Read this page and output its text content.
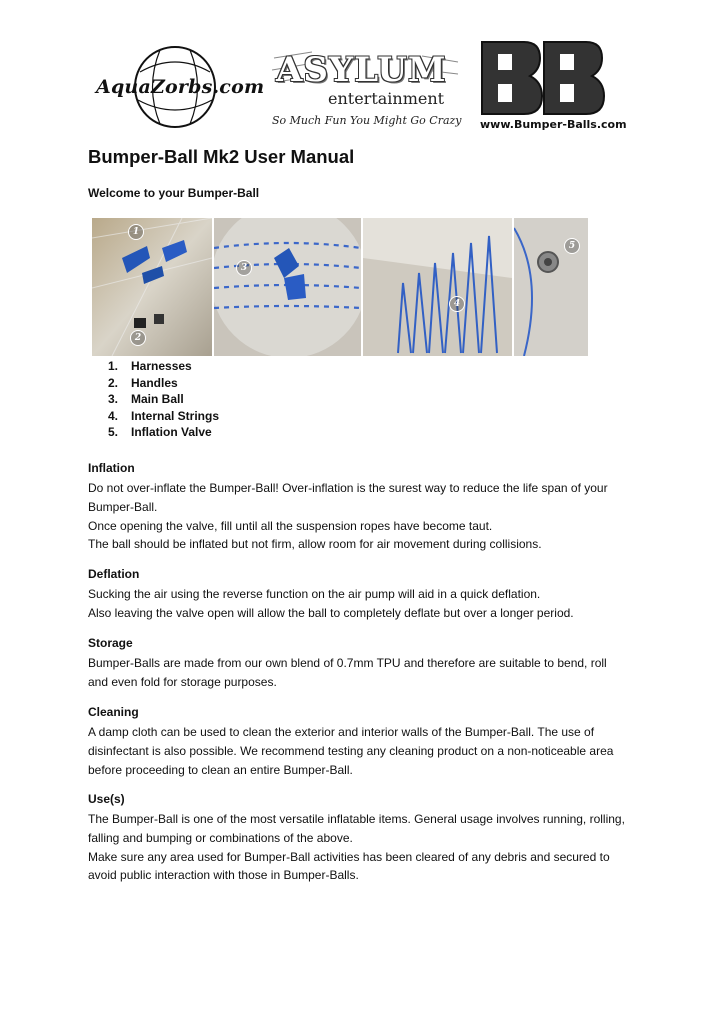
AquaZorbs.com ASYLUM
entertainment
So Much Fun You Might Go Crazy www.Bumper-Balls.com
Bumper-Ball Mk2 User Manual
Welcome to your Bumper-Ball
1
2
3
4
5
1. Harnesses
2. Handles
3. Main Ball
4. Internal Strings
5. Inflation Valve
Inflation

Do not over-inflate the Bumper-Ball! Over-inflation is the surest way to reduce the life span of your

Bumper-Ball.

Once opening the valve, fill until all the suspension ropes have become taut.

The ball should be inflated but not firm, allow room for air movement during collisions.

Deflation

Sucking the air using the reverse function on the air pump will aid in a quick deflation.

Also leaving the valve open will allow the ball to completely deflate but over a longer period.

Storage

Bumper-Balls are made from our own blend of 0.7mm TPU and therefore are suitable to bend, roll

and even fold for storage purposes.

Cleaning

A damp cloth can be used to clean the exterior and interior walls of the Bumper-Ball. The use of

disinfectant is also possible. We recommend testing any cleaning product on a non-noticeable area

before proceeding to clean an entire Bumper-Ball.

Use(s)

The Bumper-Ball is one of the most versatile inflatable items. General usage involves running, rolling,

falling and bumping or combinations of the above.

Make sure any area used for Bumper-Ball activities has been cleared of any debris and secured to

avoid public interaction with those in Bumper-Balls.
